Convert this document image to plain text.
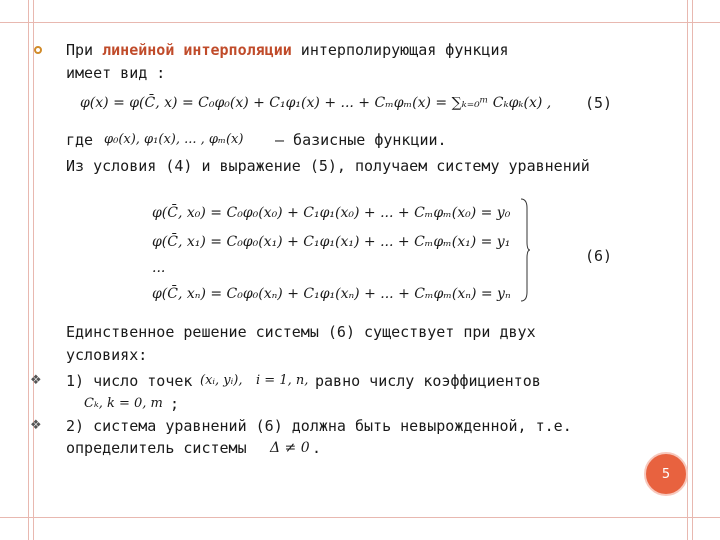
При линейной интерполяции интерполирующая функция
имеет вид :
φ(x) = φ(C̄, x) = C₀φ₀(x) + C₁φ₁(x) + ... + Cₘφₘ(x) = ∑ₖ₌₀ᵐ Cₖφₖ(x) , (5)
где φ₀(x), φ₁(x), ... , φₘ(x) – базисные функции.
Из условия (4) и выражение (5), получаем систему уравнений
φ(C̄, x₀) = C₀φ₀(x₀) + C₁φ₁(x₀) + ... + Cₘφₘ(x₀) = y₀
φ(C̄, x₁) = C₀φ₀(x₁) + C₁φ₁(x₁) + ... + Cₘφₘ(x₁) = y₁
...
φ(C̄, xₙ) = C₀φ₀(xₙ) + C₁φ₁(xₙ) + ... + Cₘφₘ(xₙ) = yₙ
(6)
Единственное решение системы (6) существует при двух
условиях:
❖ 1) число точек (xᵢ, yᵢ), i = 1, n, равно числу коэффициентов
Cₖ, k = 0, m ;
❖ 2) система уравнений (6) должна быть невырожденной, т.е.
определитель системы Δ ≠ 0 .
5
